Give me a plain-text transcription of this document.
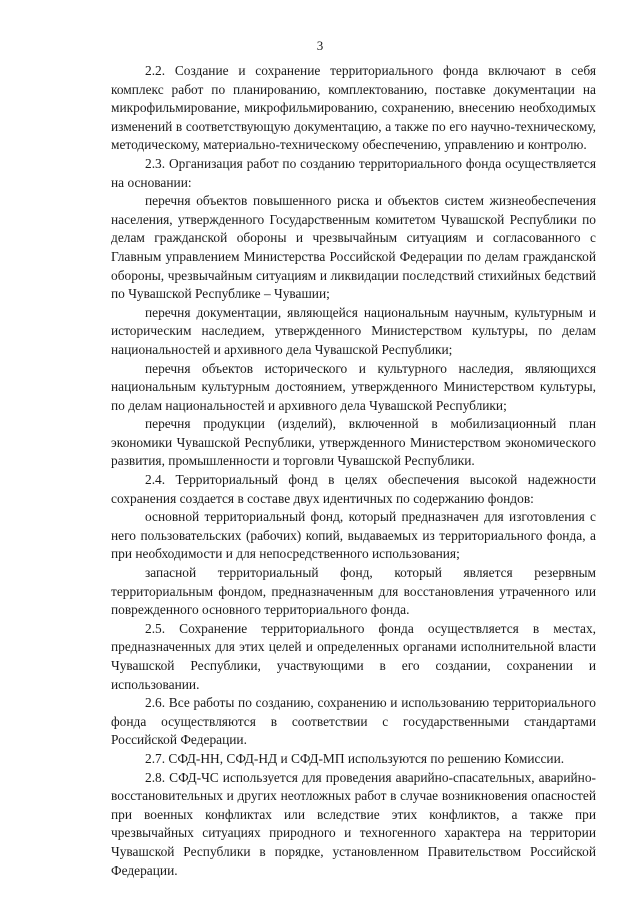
3

2.2. Создание и сохранение территориального фонда включают в себя комплекс работ по планированию, комплектованию, поставке документации на микрофильмирование, микрофильмированию, сохранению, внесению необходимых изменений в соответствующую документацию, а также по его научно-техническому, методическому, материально-техническому обеспечению, управлению и контролю.

2.3. Организация работ по созданию территориального фонда осуществляется на основании:

перечня объектов повышенного риска и объектов систем жизнеобеспечения населения, утвержденного Государственным комитетом Чувашской Республики по делам гражданской обороны и чрезвычайным ситуациям и согласованного с Главным управлением Министерства Российской Федерации по делам гражданской обороны, чрезвычайным ситуациям и ликвидации последствий стихийных бедствий по Чувашской Республике – Чувашии;

перечня документации, являющейся национальным научным, культурным и историческим наследием, утвержденного Министерством культуры, по делам национальностей и архивного дела Чувашской Республики;

перечня объектов исторического и культурного наследия, являющихся национальным культурным достоянием, утвержденного Министерством культуры, по делам национальностей и архивного дела Чувашской Республики;

перечня продукции (изделий), включенной в мобилизационный план экономики Чувашской Республики, утвержденного Министерством экономического развития, промышленности и торговли Чувашской Республики.

2.4. Территориальный фонд в целях обеспечения высокой надежности сохранения создается в составе двух идентичных по содержанию фондов:

основной территориальный фонд, который предназначен для изготовления с него пользовательских (рабочих) копий, выдаваемых из территориального фонда, а при необходимости и для непосредственного использования;

запасной территориальный фонд, который является резервным территориальным фондом, предназначенным для восстановления утраченного или поврежденного основного территориального фонда.

2.5. Сохранение территориального фонда осуществляется в местах, предназначенных для этих целей и определенных органами исполнительной власти Чувашской Республики, участвующими в его создании, сохранении и использовании.

2.6. Все работы по созданию, сохранению и использованию территориального фонда осуществляются в соответствии с государственными стандартами Российской Федерации.

2.7. СФД-НН, СФД-НД и СФД-МП используются по решению Комиссии.

2.8. СФД-ЧС используется для проведения аварийно-спасательных, аварийно-восстановительных и других неотложных работ в случае возникновения опасностей при военных конфликтах или вследствие этих конфликтов, а также при чрезвычайных ситуациях природного и техногенного характера на территории Чувашской Республики в порядке, установленном Правительством Российской Федерации.
